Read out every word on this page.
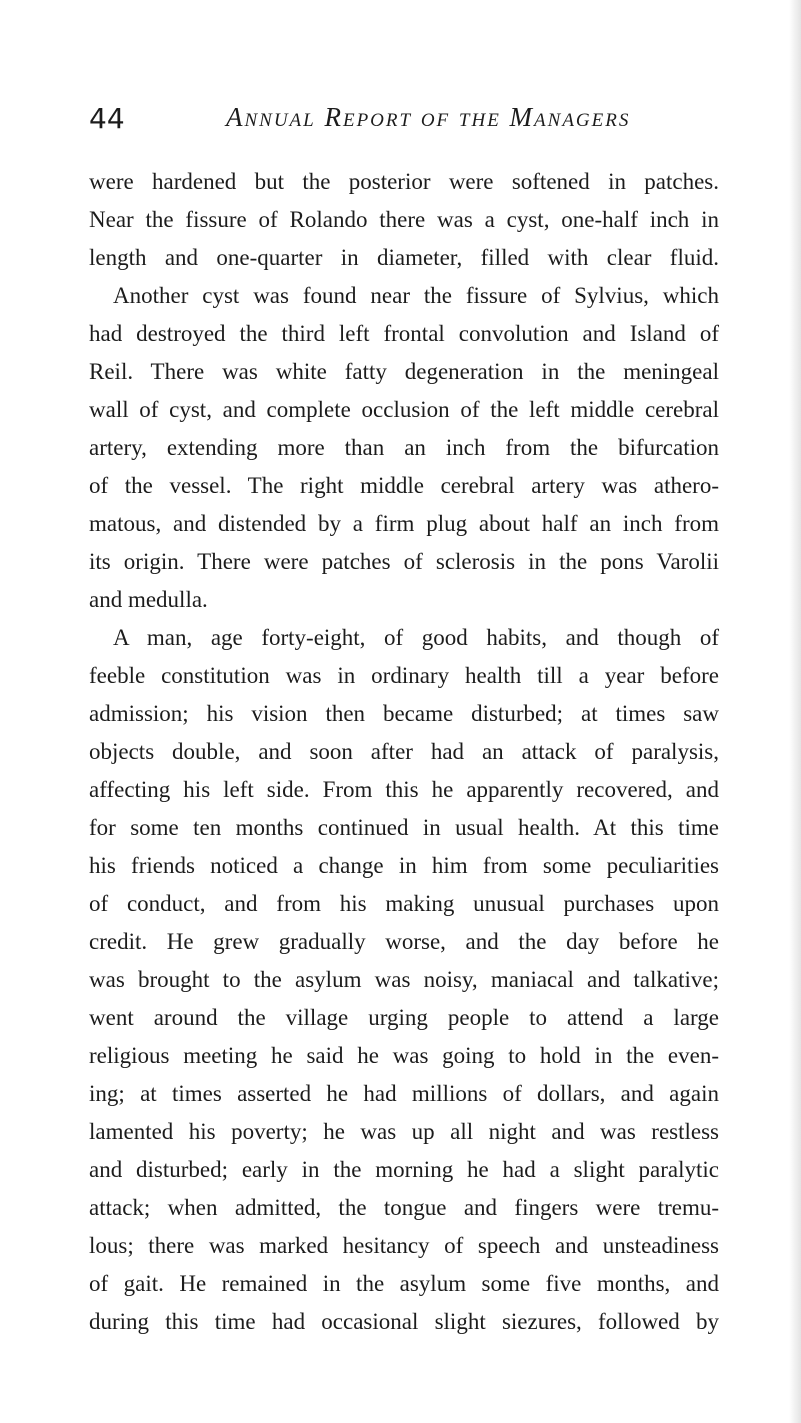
44	Annual Report of the Managers
were hardened but the posterior were softened in patches.
Near the fissure of Rolando there was a cyst, one-half inch in
length and one-quarter in diameter, filled with clear fluid.
Another cyst was found near the fissure of Sylvius, which
had destroyed the third left frontal convolution and Island of
Reil. There was white fatty degeneration in the meningeal
wall of cyst, and complete occlusion of the left middle cerebral
artery, extending more than an inch from the bifurcation
of the vessel. The right middle cerebral artery was athero-
matous, and distended by a firm plug about half an inch from
its origin. There were patches of sclerosis in the pons Varolii
and medulla.
A man, age forty-eight, of good habits, and though of
feeble constitution was in ordinary health till a year before
admission; his vision then became disturbed; at times saw
objects double, and soon after had an attack of paralysis,
affecting his left side. From this he apparently recovered, and
for some ten months continued in usual health. At this time
his friends noticed a change in him from some peculiarities
of conduct, and from his making unusual purchases upon
credit. He grew gradually worse, and the day before he
was brought to the asylum was noisy, maniacal and talkative;
went around the village urging people to attend a large
religious meeting he said he was going to hold in the even-
ing; at times asserted he had millions of dollars, and again
lamented his poverty; he was up all night and was restless
and disturbed; early in the morning he had a slight paralytic
attack; when admitted, the tongue and fingers were tremu-
lous; there was marked hesitancy of speech and unsteadiness
of gait. He remained in the asylum some five months, and
during this time had occasional slight siezures, followed by
